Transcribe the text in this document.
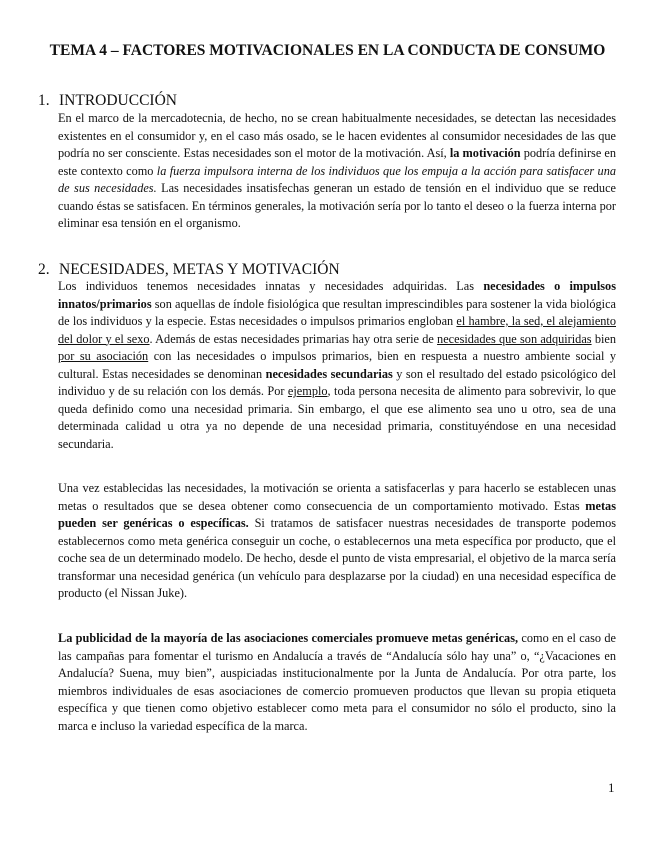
TEMA 4 – FACTORES MOTIVACIONALES EN LA CONDUCTA DE CONSUMO
1. INTRODUCCIÓN

En el marco de la mercadotecnia, de hecho, no se crean habitualmente necesidades, se detectan las necesidades existentes en el consumidor y, en el caso más osado, se le hacen evidentes al consumidor necesidades de las que podría no ser consciente. Estas necesidades son el motor de la motivación. Así, la motivación podría definirse en este contexto como la fuerza impulsora interna de los individuos que los empuja a la acción para satisfacer una de sus necesidades. Las necesidades insatisfechas generan un estado de tensión en el individuo que se reduce cuando éstas se satisfacen. En términos generales, la motivación sería por lo tanto el deseo o la fuerza interna por eliminar esa tensión en el organismo.

2. NECESIDADES, METAS Y MOTIVACIÓN

Los individuos tenemos necesidades innatas y necesidades adquiridas. Las necesidades o impulsos innatos/primarios son aquellas de índole fisiológica que resultan imprescindibles para sostener la vida biológica de los individuos y la especie. Estas necesidades o impulsos primarios engloban el hambre, la sed, el alejamiento del dolor y el sexo. Además de estas necesidades primarias hay otra serie de necesidades que son adquiridas bien por su asociación con las necesidades o impulsos primarios, bien en respuesta a nuestro ambiente social y cultural. Estas necesidades se denominan necesidades secundarias y son el resultado del estado psicológico del individuo y de su relación con los demás. Por ejemplo, toda persona necesita de alimento para sobrevivir, lo que queda definido como una necesidad primaria. Sin embargo, el que ese alimento sea uno u otro, sea de una determinada calidad u otra ya no depende de una necesidad primaria, constituyéndose en una necesidad secundaria.

Una vez establecidas las necesidades, la motivación se orienta a satisfacerlas y para hacerlo se establecen unas metas o resultados que se desea obtener como consecuencia de un comportamiento motivado. Estas metas pueden ser genéricas o específicas. Si tratamos de satisfacer nuestras necesidades de transporte podemos establecernos como meta genérica conseguir un coche, o establecernos una meta específica por producto, que el coche sea de un determinado modelo. De hecho, desde el punto de vista empresarial, el objetivo de la marca sería transformar una necesidad genérica (un vehículo para desplazarse por la ciudad) en una necesidad específica de producto (el Nissan Juke).

La publicidad de la mayoría de las asociaciones comerciales promueve metas genéricas, como en el caso de las campañas para fomentar el turismo en Andalucía a través de “Andalucía sólo hay una” o, “¿Vacaciones en Andalucía? Suena, muy bien”, auspiciadas institucionalmente por la Junta de Andalucía. Por otra parte, los miembros individuales de esas asociaciones de comercio promueven productos que llevan su propia etiqueta específica y que tienen como objetivo establecer como meta para el consumidor no sólo el producto, sino la marca e incluso la variedad específica de la marca.

1
